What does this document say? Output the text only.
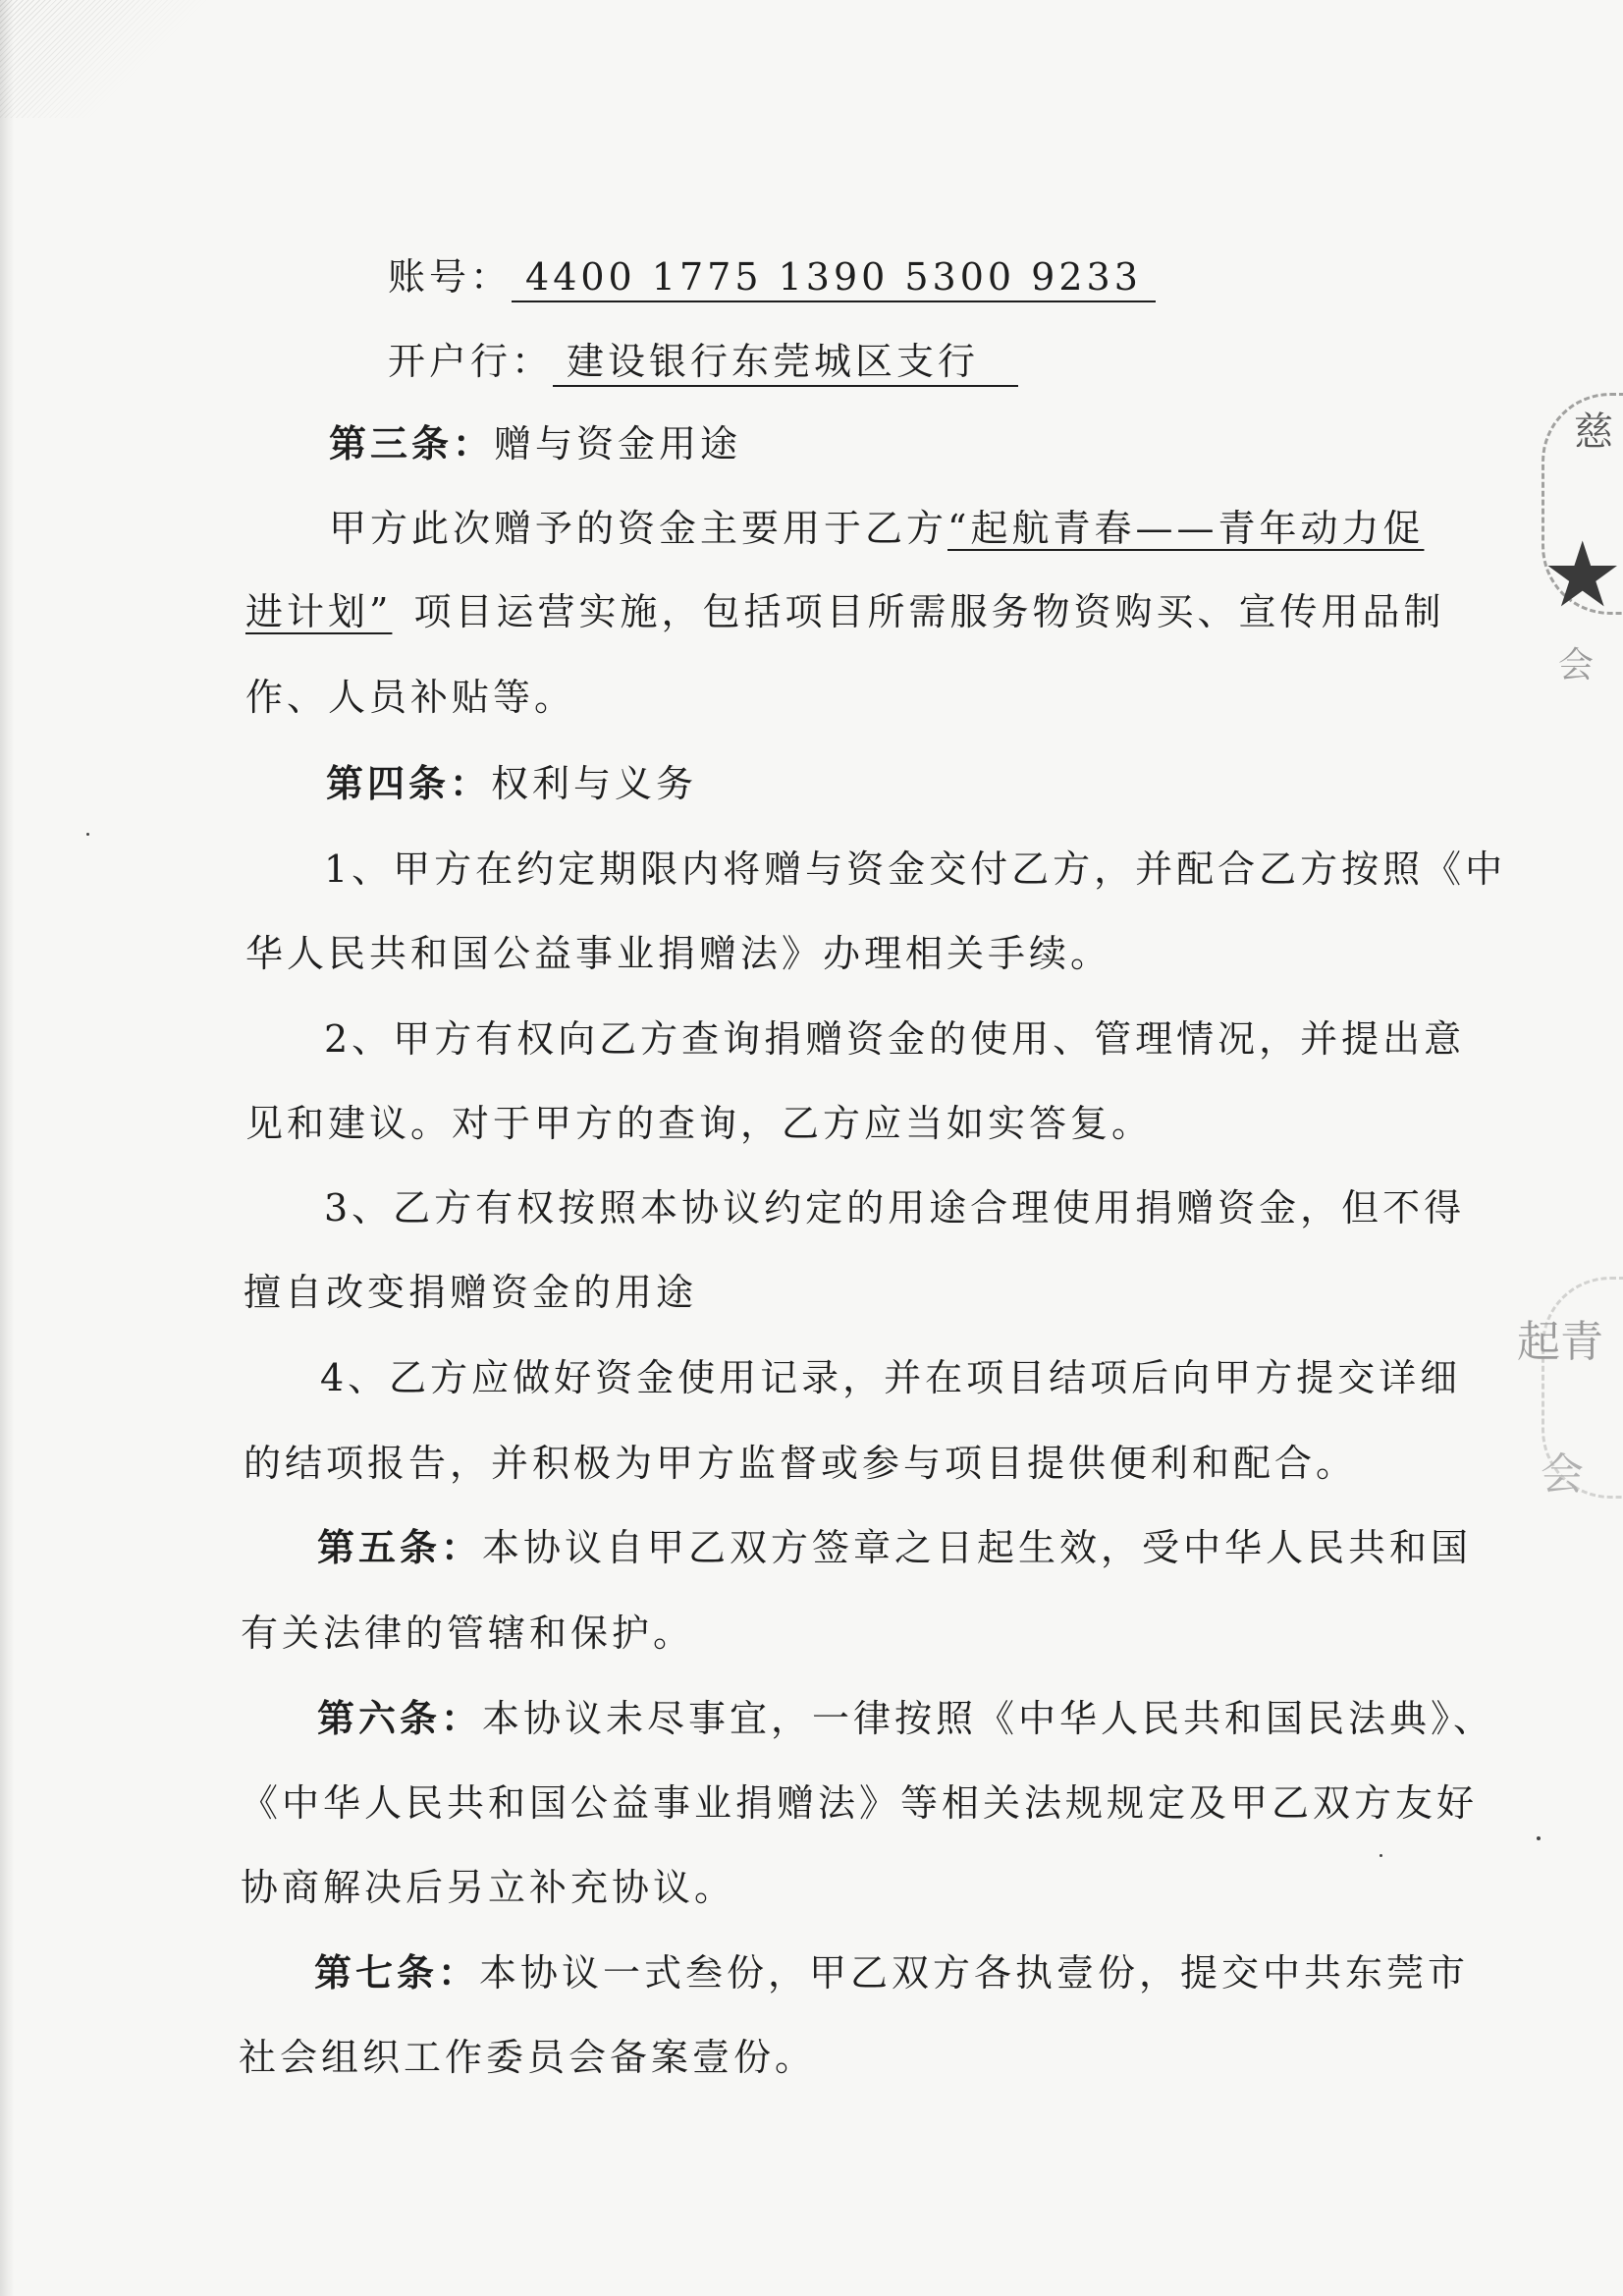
账号： 4400 1775 1390 5300 9233

开户行： 建设银行东莞城区支行

第三条：赠与资金用途

甲方此次赠予的资金主要用于乙方“起航青春——青年动力促

进计划” 项目运营实施，包括项目所需服务物资购买、宣传用品制

作、人员补贴等。

第四条：权利与义务

1、甲方在约定期限内将赠与资金交付乙方，并配合乙方按照《中

华人民共和国公益事业捐赠法》办理相关手续。

2、甲方有权向乙方查询捐赠资金的使用、管理情况，并提出意

见和建议。对于甲方的查询，乙方应当如实答复。

3、乙方有权按照本协议约定的用途合理使用捐赠资金，但不得

擅自改变捐赠资金的用途

4、乙方应做好资金使用记录，并在项目结项后向甲方提交详细

的结项报告，并积极为甲方监督或参与项目提供便利和配合。

第五条：本协议自甲乙双方签章之日起生效，受中华人民共和国

有关法律的管辖和保护。

第六条：本协议未尽事宜，一律按照《中华人民共和国民法典》、

《中华人民共和国公益事业捐赠法》等相关法规规定及甲乙双方友好

协商解决后另立补充协议。

第七条：本协议一式叁份，甲乙双方各执壹份，提交中共东莞市

社会组织工作委员会备案壹份。

★
慈
会
起青
会
